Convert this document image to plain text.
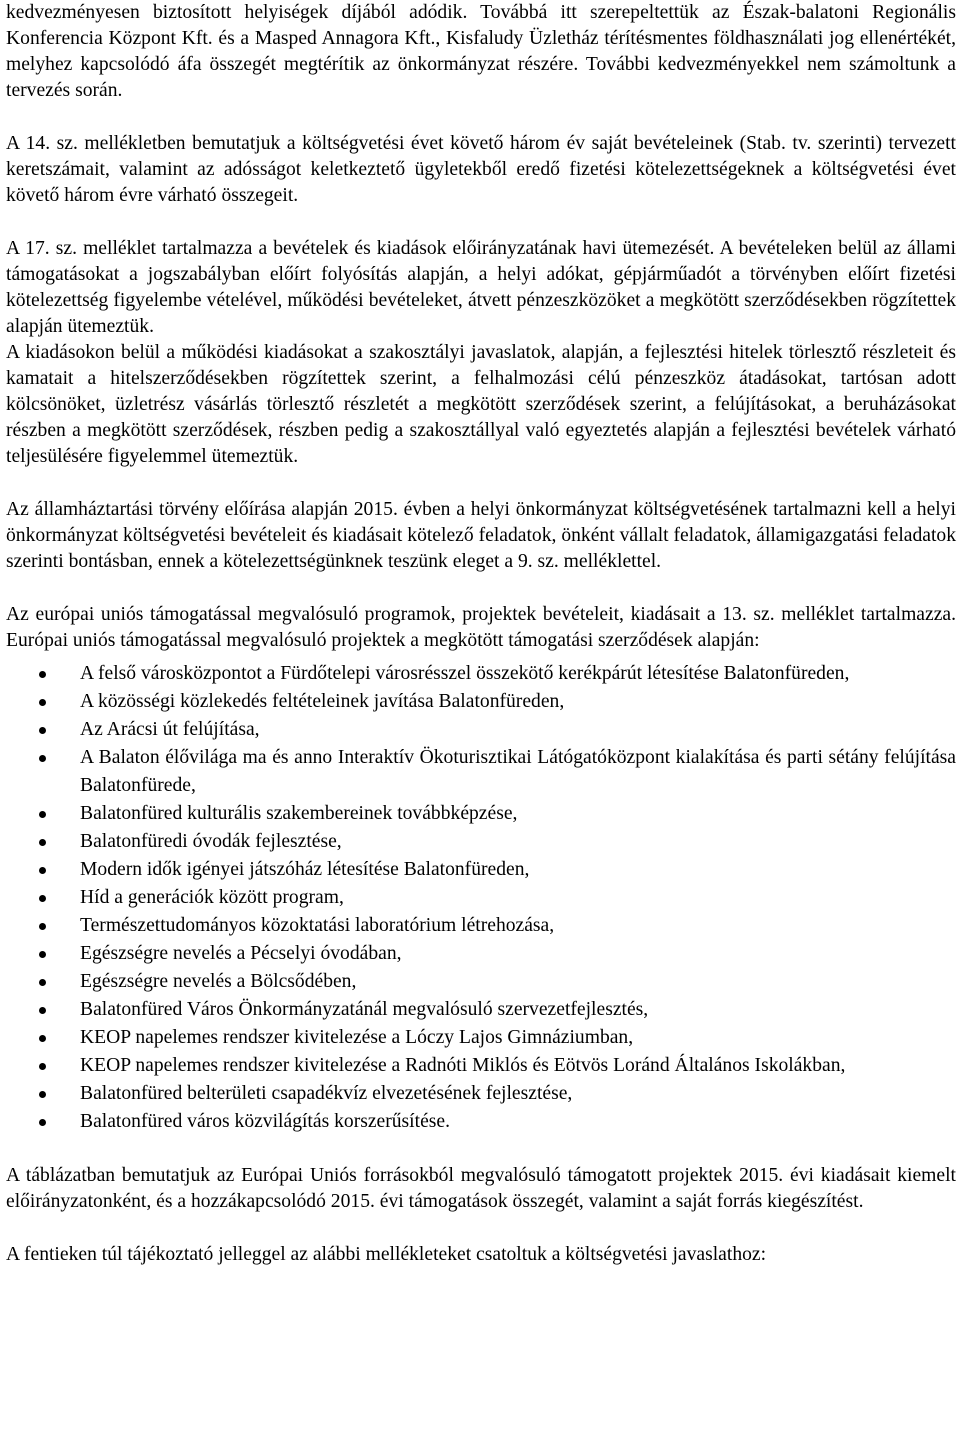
kedvezményesen biztosított helyiségek díjából adódik. Továbbá itt szerepeltettük az Észak-balatoni Regionális Konferencia Központ Kft. és a Masped Annagora Kft., Kisfaludy Üzletház térítésmentes földhasználati jog ellenértékét, melyhez kapcsolódó áfa összegét megtérítik az önkormányzat részére. További kedvezményekkel nem számoltunk a tervezés során.

A 14. sz. mellékletben bemutatjuk a költségvetési évet követő három év saját bevételeinek (Stab. tv. szerinti) tervezett keretszámait, valamint az adósságot keletkeztető ügyletekből eredő fizetési kötelezettségeknek a költségvetési évet követő három évre várható összegeit.

A 17. sz. melléklet tartalmazza a bevételek és kiadások előirányzatának havi ütemezését. A bevételeken belül az állami támogatásokat a jogszabályban előírt folyósítás alapján, a helyi adókat, gépjárműadót a törvényben előírt fizetési kötelezettség figyelembe vételével, működési bevételeket, átvett pénzeszközöket a megkötött szerződésekben rögzítettek alapján ütemeztük.

A kiadásokon belül a működési kiadásokat a szakosztályi javaslatok, alapján, a fejlesztési hitelek törlesztő részleteit és kamatait a hitelszerződésekben rögzítettek szerint, a felhalmozási célú pénzeszköz átadásokat, tartósan adott kölcsönöket, üzletrész vásárlás törlesztő részletét a megkötött szerződések szerint, a felújításokat, a beruházásokat részben a megkötött szerződések, részben pedig a szakosztállyal való egyeztetés alapján a fejlesztési bevételek várható teljesülésére figyelemmel ütemeztük.

Az államháztartási törvény előírása alapján 2015. évben a helyi önkormányzat költségvetésének tartalmazni kell a helyi önkormányzat költségvetési bevételeit és kiadásait kötelező feladatok, önként vállalt feladatok, államigazgatási feladatok szerinti bontásban, ennek a kötelezettségünknek teszünk eleget a 9. sz. melléklettel.

Az európai uniós támogatással megvalósuló programok, projektek bevételeit, kiadásait a 13. sz. melléklet tartalmazza. Európai uniós támogatással megvalósuló projektek a megkötött támogatási szerződések alapján:

A felső városközpontot a Fürdőtelepi városrésszel összekötő kerékpárút létesítése Balatonfüreden,
A közösségi közlekedés feltételeinek javítása Balatonfüreden,
Az Arácsi út felújítása,
A Balaton élővilága ma és anno Interaktív Ökoturisztikai Látógatóközpont kialakítása és parti sétány felújítása Balatonfürede,
Balatonfüred kulturális szakembereinek továbbképzése,
Balatonfüredi óvodák fejlesztése,
Modern idők igényei játszóház létesítése Balatonfüreden,
Híd a generációk között program,
Természettudományos közoktatási laboratórium létrehozása,
Egészségre nevelés a Pécselyi óvodában,
Egészségre nevelés a Bölcsődében,
Balatonfüred Város Önkormányzatánál megvalósuló szervezetfejlesztés,
KEOP napelemes rendszer kivitelezése a Lóczy Lajos Gimnáziumban,
KEOP napelemes rendszer kivitelezése a Radnóti Miklós és Eötvös Loránd Általános Iskolákban,
Balatonfüred belterületi csapadékvíz elvezetésének fejlesztése,
Balatonfüred város közvilágítás korszerűsítése.

A táblázatban bemutatjuk az Európai Uniós forrásokból megvalósuló támogatott projektek 2015. évi kiadásait kiemelt előirányzatonként, és a hozzákapcsolódó 2015. évi támogatások összegét, valamint a saját forrás kiegészítést.

A fentieken túl tájékoztató jelleggel az alábbi mellékleteket csatoltuk a költségvetési javaslathoz:
